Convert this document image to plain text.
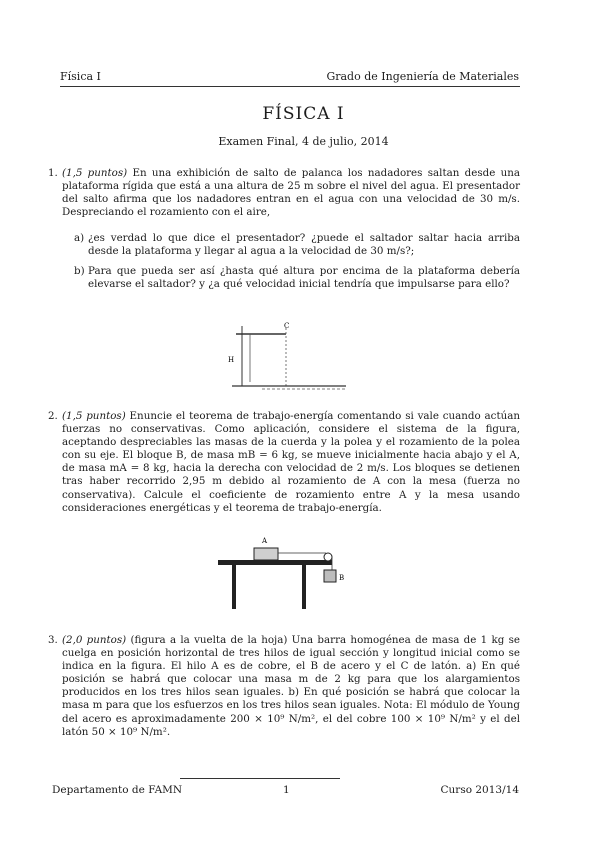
Física I	Grado de Ingeniería de Materiales
FÍSICA I
Examen Final, 4 de julio, 2014
1. (1,5 puntos) En una exhibición de salto de palanca los nadadores saltan desde una plataforma rígida que está a una altura de 25 m sobre el nivel del agua. El presentador del salto afirma que los nadadores entran en el agua con una velocidad de 30 m/s. Despreciando el rozamiento con el aire,
a) ¿es verdad lo que dice el presentador? ¿puede el saltador saltar hacia arriba desde la plataforma y llegar al agua a la velocidad de 30 m/s?;
b) Para que pueda ser así ¿hasta qué altura por encima de la plataforma debería elevarse el saltador? y ¿a qué velocidad inicial tendría que impulsarse para ello?
C
H
2. (1,5 puntos) Enuncie el teorema de trabajo-energía comentando si vale cuando actúan fuerzas no conservativas. Como aplicación, considere el sistema de la figura, aceptando despreciables las masas de la cuerda y la polea y el rozamiento de la polea con su eje. El bloque B, de masa mB = 6 kg, se mueve inicialmente hacia abajo y el A, de masa mA = 8 kg, hacia la derecha con velocidad de 2 m/s. Los bloques se detienen tras haber recorrido 2,95 m debido al rozamiento de A con la mesa (fuerza no conservativa). Calcule el coeficiente de rozamiento entre A y la mesa usando consideraciones energéticas y el teorema de trabajo-energía.
A
B
3. (2,0 puntos) (figura a la vuelta de la hoja) Una barra homogénea de masa de 1 kg se cuelga en posición horizontal de tres hilos de igual sección y longitud inicial como se indica en la figura. El hilo A es de cobre, el B de acero y el C de latón. a) En qué posición se habrá que colocar una masa m de 2 kg para que los alargamientos producidos en los tres hilos sean iguales. b) En qué posición se habrá que colocar la masa m para que los esfuerzos en los tres hilos sean iguales. Nota: El módulo de Young del acero es aproximadamente 200 × 10⁹ N/m², el del cobre 100 × 10⁹ N/m² y el del latón 50 × 10⁹ N/m².
Departamento de FAMN	1	Curso 2013/14
